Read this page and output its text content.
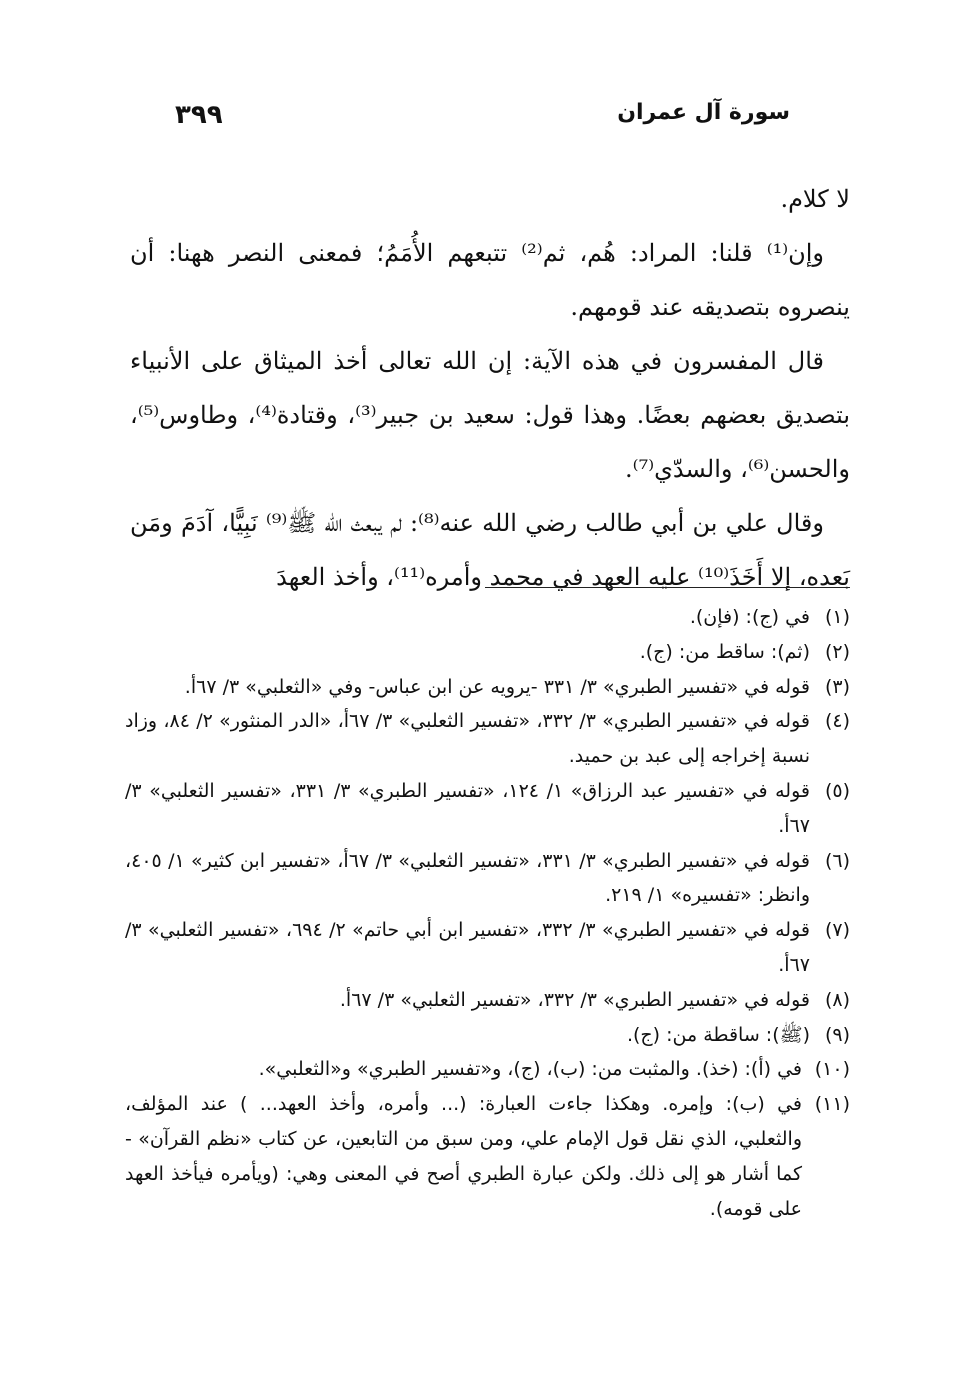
سورة آل عمران
٣٩٩

لا كلام.

وإن⁽¹⁾ قلنا: المراد: هُم، ثم⁽²⁾ تتبعهم الأُمَمُ؛ فمعنى النصر ههنا: أن ينصروه بتصديقه عند قومهم.

قال المفسرون في هذه الآية: إن الله تعالى أخذ الميثاق على الأنبياء بتصديق بعضهم بعضًا. وهذا قول: سعيد بن جبير⁽³⁾، وقتادة⁽⁴⁾، وطاوس⁽⁵⁾، والحسن⁽⁶⁾، والسدّي⁽⁷⁾.

وقال علي بن أبي طالب رضي الله عنه⁽⁸⁾: لم يبعث الله ﷺ⁽⁹⁾ نَبِيًّا، آدَمَ ومَن بَعده، إلا أَخَذَ⁽¹⁰⁾ عليه العهد في محمد وأمره⁽¹¹⁾، وأخذ العهدَ

(١)
في (ج): (فإن).
(٢)
(ثم): ساقط من: (ج).
(٣)
قوله في «تفسير الطبري» ٣/ ٣٣١ -يرويه عن ابن عباس- وفي «الثعلبي» ٣/ ٦٧أ.
(٤)
قوله في «تفسير الطبري» ٣/ ٣٣٢، «تفسير الثعلبي» ٣/ ٦٧أ، «الدر المنثور» ٢/ ٨٤، وزاد نسبة إخراجه إلى عبد بن حميد.
(٥)
قوله في «تفسير عبد الرزاق» ١/ ١٢٤، «تفسير الطبري» ٣/ ٣٣١، «تفسير الثعلبي» ٣/ ٦٧أ.
(٦)
قوله في «تفسير الطبري» ٣/ ٣٣١، «تفسير الثعلبي» ٣/ ٦٧أ، «تفسير ابن كثير» ١/ ٤٠٥، وانظر: «تفسيره» ١/ ٢١٩.
(٧)
قوله في «تفسير الطبري» ٣/ ٣٣٢، «تفسير ابن أبي حاتم» ٢/ ٦٩٤، «تفسير الثعلبي» ٣/ ٦٧أ.
(٨)
قوله في «تفسير الطبري» ٣/ ٣٣٢، «تفسير الثعلبي» ٣/ ٦٧أ.
(٩)
(ﷺ): ساقطة من: (ج).
(١٠)
في (أ): (خذ). والمثبت من: (ب)، (ج)، و«تفسير الطبري» و«الثعلبي».
(١١)
في (ب): وإمره. وهكذا جاءت العبارة: (... وأمره، وأخذ العهد... ) عند المؤلف، والثعلبي، الذي نقل قول الإمام علي، ومن سبق من التابعين، عن كتاب «نظم القرآن» - كما أشار هو إلى ذلك. ولكن عبارة الطبري أصح في المعنى وهي: (ويأمره فيأخذ العهد على قومه).
